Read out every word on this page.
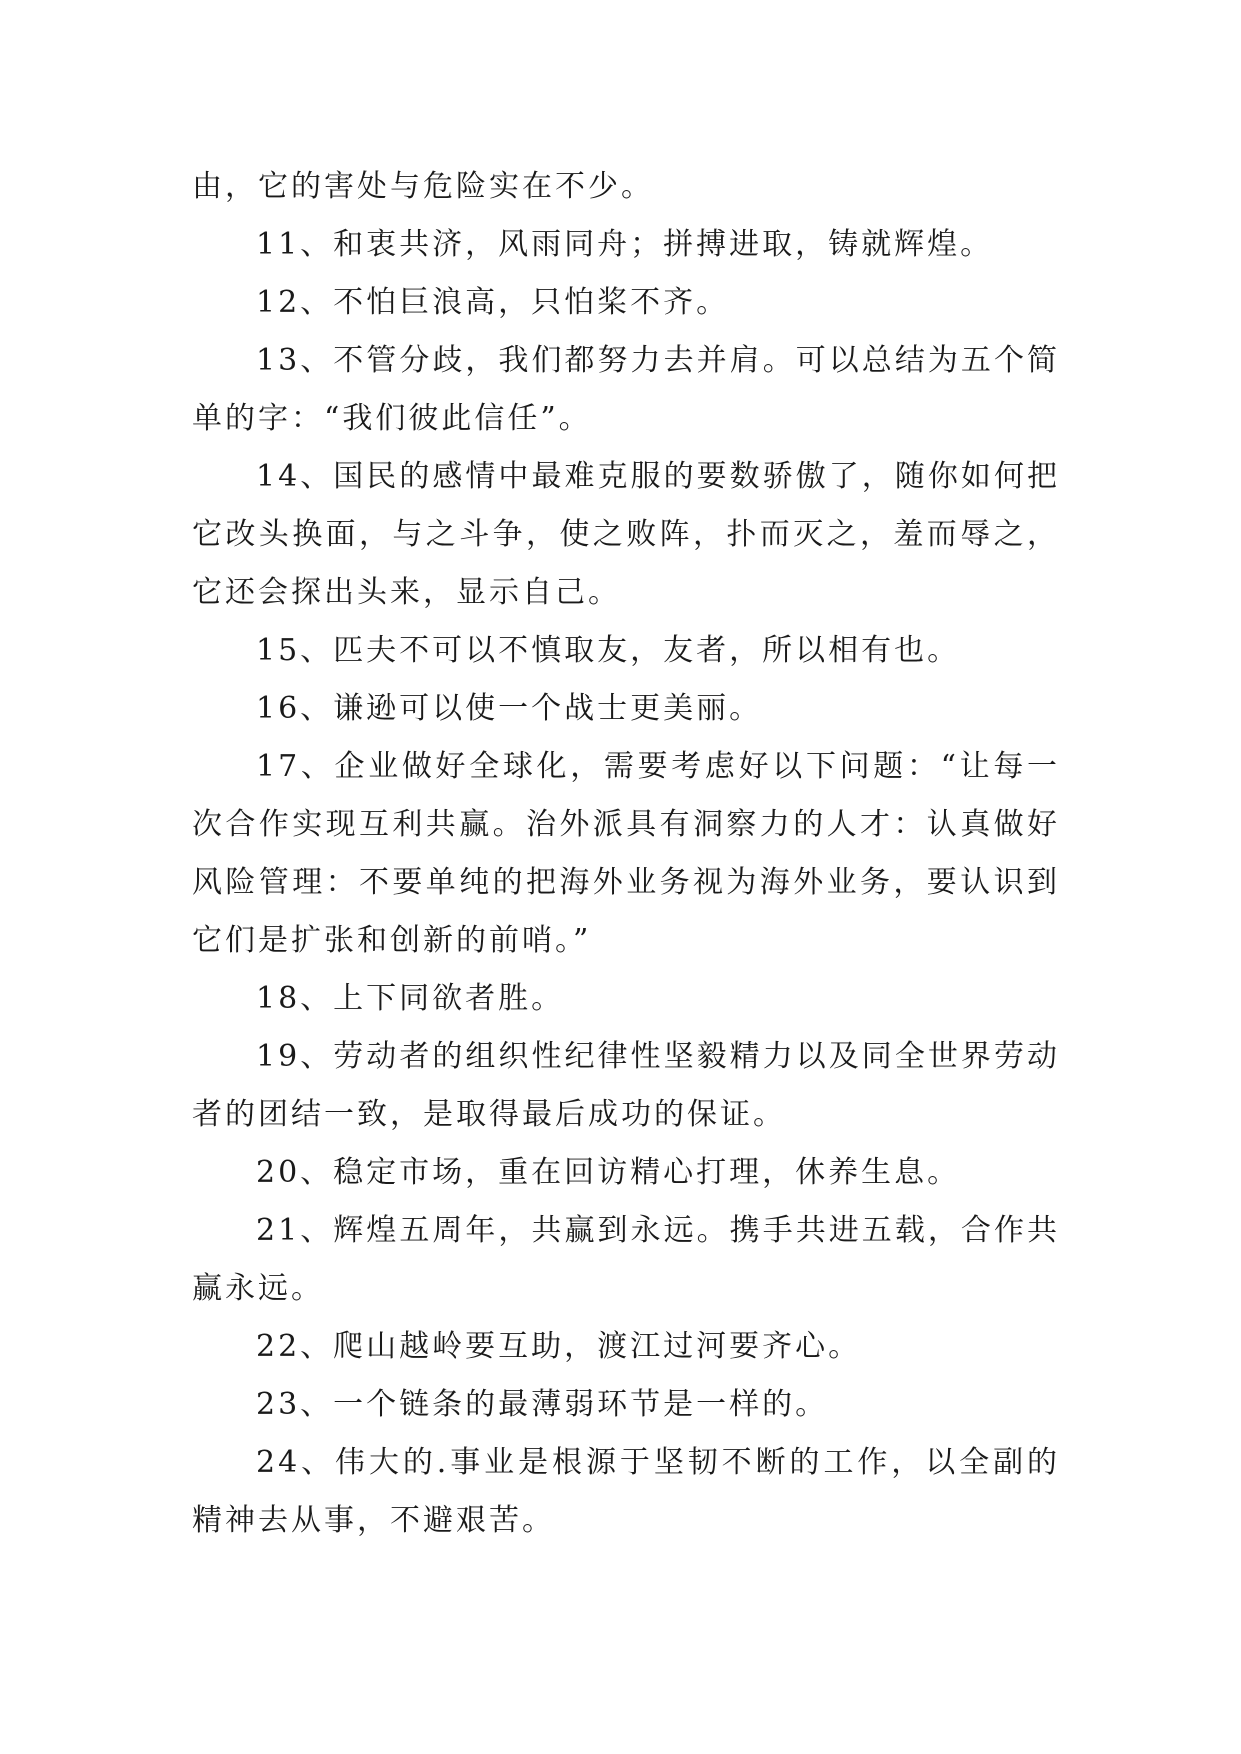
由，它的害处与危险实在不少。

11、和衷共济，风雨同舟；拼搏进取，铸就辉煌。

12、不怕巨浪高，只怕桨不齐。

13、不管分歧，我们都努力去并肩。可以总结为五个简单的字：“我们彼此信任”。

14、国民的感情中最难克服的要数骄傲了，随你如何把它改头换面，与之斗争，使之败阵，扑而灭之，羞而辱之，它还会探出头来，显示自己。

15、匹夫不可以不慎取友，友者，所以相有也。

16、谦逊可以使一个战士更美丽。

17、企业做好全球化，需要考虑好以下问题：“让每一次合作实现互利共赢。治外派具有洞察力的人才：认真做好风险管理：不要单纯的把海外业务视为海外业务，要认识到它们是扩张和创新的前哨。”

18、上下同欲者胜。

19、劳动者的组织性纪律性坚毅精力以及同全世界劳动者的团结一致，是取得最后成功的保证。

20、稳定市场，重在回访精心打理，休养生息。

21、辉煌五周年，共赢到永远。携手共进五载，合作共赢永远。

22、爬山越岭要互助，渡江过河要齐心。

23、一个链条的最薄弱环节是一样的。

24、伟大的.事业是根源于坚韧不断的工作，以全副的精神去从事，不避艰苦。
